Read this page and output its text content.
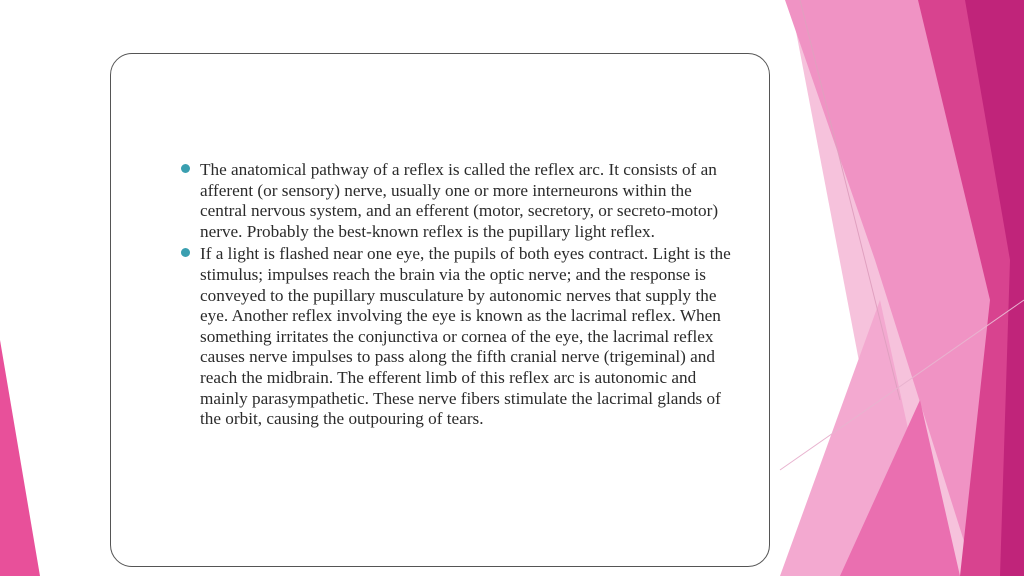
The anatomical pathway of a reflex is called the reflex arc. It consists of an afferent (or sensory) nerve, usually one or more interneurons within the central nervous system, and an efferent (motor, secretory, or secreto-motor) nerve. Probably the best-known reflex is the pupillary light reflex.
If a light is flashed near one eye, the pupils of both eyes contract. Light is the stimulus; impulses reach the brain via the optic nerve; and the response is conveyed to the pupillary musculature by autonomic nerves that supply the eye. Another reflex involving the eye is known as the lacrimal reflex. When something irritates the conjunctiva or cornea of the eye, the lacrimal reflex causes nerve impulses to pass along the fifth cranial nerve (trigeminal) and reach the midbrain. The efferent limb of this reflex arc is autonomic and mainly parasympathetic. These nerve fibers stimulate the lacrimal glands of the orbit, causing the outpouring of tears.
